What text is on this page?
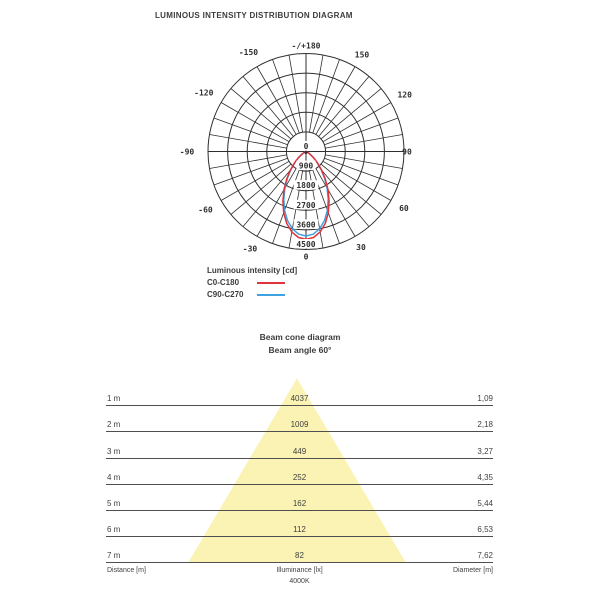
LUMINOUS INTENSITY DISTRIBUTION DIAGRAM
0
900
1800
2700
3600
4500
-/+180
-150	150
-120	120
-90	90
-60	60
-30	30
0
Luminous intensity [cd]
C0-C180
C90-C270
Beam cone diagram
Beam angle 60°
1 m	4037	1,09
2 m	1009	2,18
3 m	449	3,27
4 m	252	4,35
5 m	162	5,44
6 m	112	6,53
7 m	82	7,62
Distance [m]	Illuminance [lx]
4000K
Diameter [m]
